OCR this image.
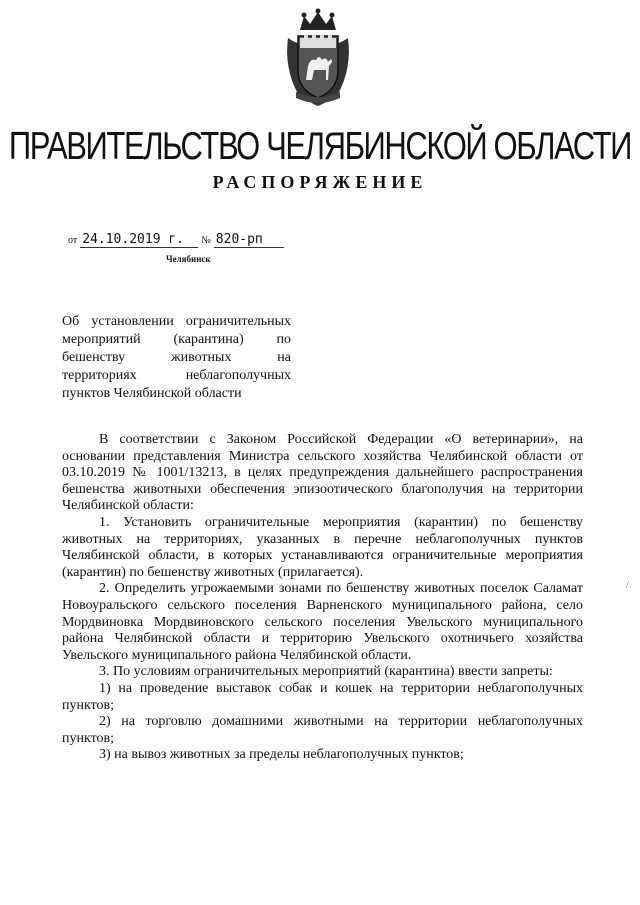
ПРАВИТЕЛЬСТВО ЧЕЛЯБИНСКОЙ ОБЛАСТИ
РАСПОРЯЖЕНИЕ
от 24.10.2019 г. № 820-рп
Челябинск
Об установлении ограничительных
мероприятий (карантина) по
бешенству животных на
территориях неблагополучных
пунктов Челябинской области

В соответствии с Законом Российской Федерации «О ветеринарии», на основании представления Министра сельского хозяйства Челябинской области от 03.10.2019 № 1001/13213, в целях предупреждения дальнейшего распространения бешенства животныхи обеспечения эпизоотического благополучия на территории Челябинской области:

1. Установить ограничительные мероприятия (карантин) по бешенству животных на территориях, указанных в перечне неблагополучных пунктов Челябинской области, в которых устанавливаются ограничительные мероприятия (карантин) по бешенству животных (прилагается).

2. Определить угрожаемыми зонами по бешенству животных поселок Саламат Новоуральского сельского поселения Варненского муниципального района, село Мордвиновка Мордвиновского сельского поселения Увельского муниципального района Челябинской области и территорию Увельского охотничьего хозяйства Увельского муниципального района Челябинской области.

3. По условиям ограничительных мероприятий (карантина) ввести запреты:

1) на проведение выставок собак и кошек на территории неблагополучных пунктов;

2) на торговлю домашними животными на территории неблагополучных пунктов;

3) на вывоз животных за пределы неблагополучных пунктов;

/
